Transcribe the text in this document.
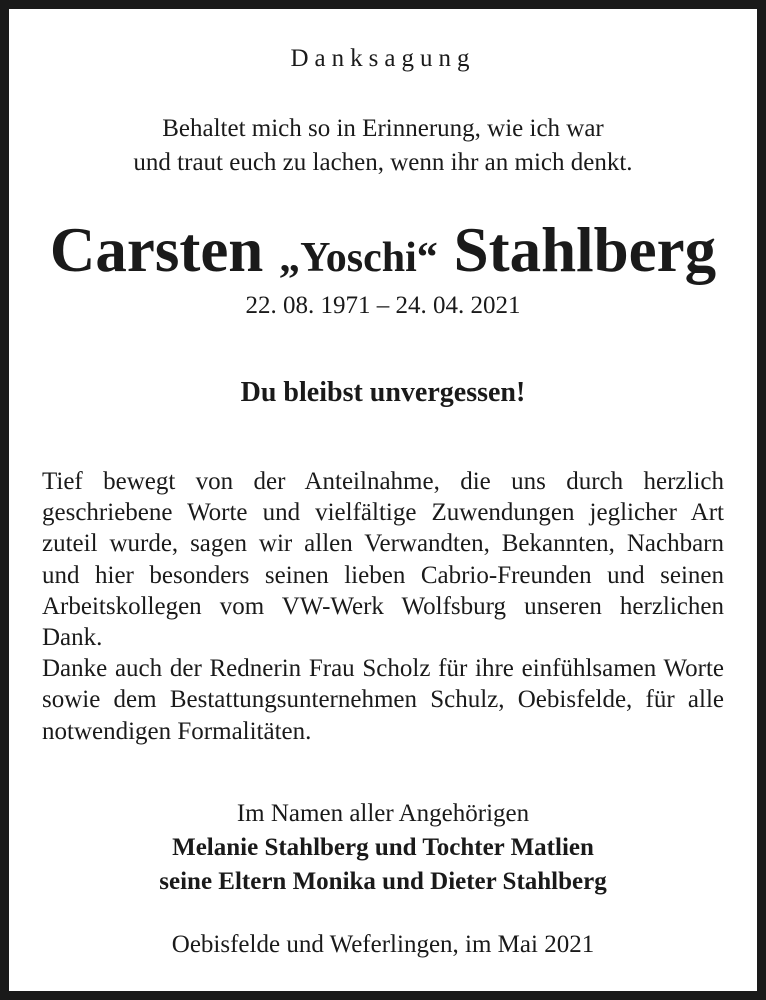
Danksagung
Behaltet mich so in Erinnerung, wie ich war
und traut euch zu lachen, wenn ihr an mich denkt.
Carsten „Yoschi“ Stahlberg
22. 08. 1971 – 24. 04. 2021
Du bleibst unvergessen!

Tief bewegt von der Anteilnahme, die uns durch herzlich geschriebene Worte und vielfältige Zuwendungen jeglicher Art zuteil wurde, sagen wir allen Verwandten, Bekannten, Nachbarn und hier besonders seinen lieben Cabrio-Freunden und seinen Arbeitskollegen vom VW-Werk Wolfsburg unseren herzlichen Dank.

Danke auch der Rednerin Frau Scholz für ihre einfühlsamen Worte sowie dem Bestattungsunternehmen Schulz, Oebisfelde, für alle notwendigen Formalitäten.

Im Namen aller Angehörigen
Melanie Stahlberg und Tochter Matlien
seine Eltern Monika und Dieter Stahlberg
Oebisfelde und Weferlingen, im Mai 2021
